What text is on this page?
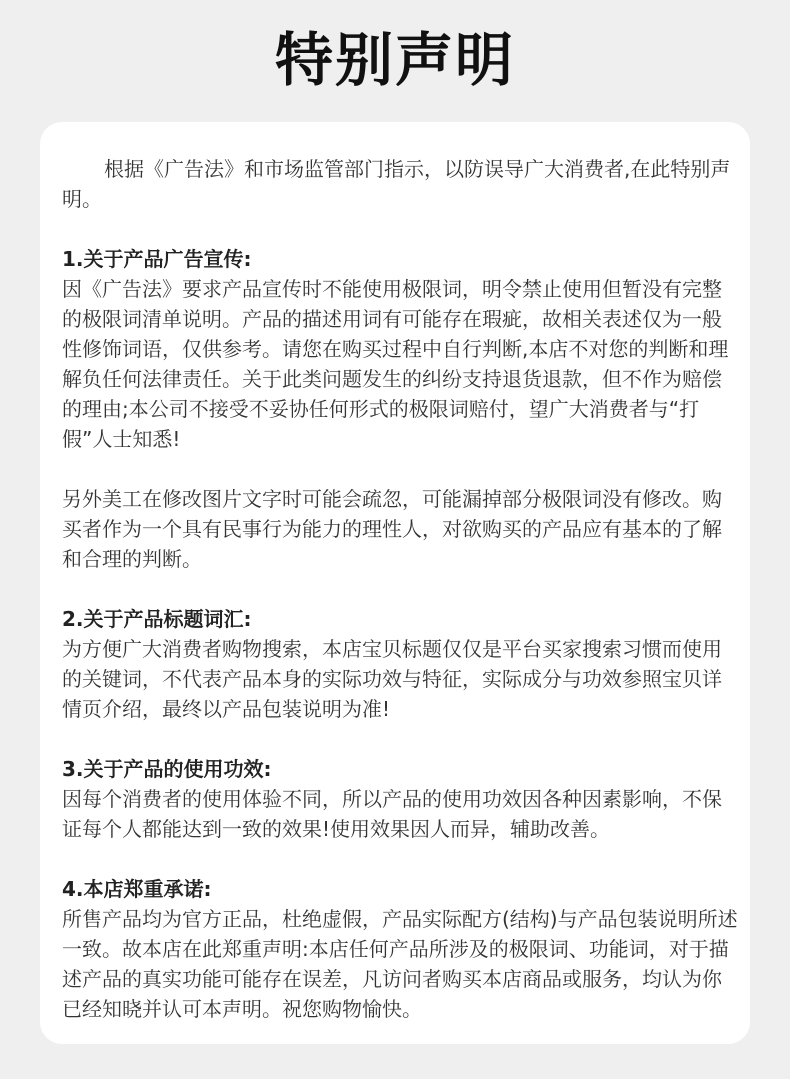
特别声明

根据《广告法》和市场监管部门指示，以防误导广大消费者,在此特别声明。

1.关于产品广告宣传:

因《广告法》要求产品宣传时不能使用极限词，明令禁止使用但暂没有完整的极限词清单说明。产品的描述用词有可能存在瑕疵，故相关表述仅为一般性修饰词语，仅供参考。请您在购买过程中自行判断,本店不对您的判断和理解负任何法律责任。关于此类问题发生的纠纷支持退货退款，但不作为赔偿的理由;本公司不接受不妥协任何形式的极限词赔付，望广大消费者与“打假”人士知悉!

另外美工在修改图片文字时可能会疏忽，可能漏掉部分极限词没有修改。购买者作为一个具有民事行为能力的理性人，对欲购买的产品应有基本的了解和合理的判断。

2.关于产品标题词汇:

为方便广大消费者购物搜索，本店宝贝标题仅仅是平台买家搜索习惯而使用的关键词，不代表产品本身的实际功效与特征，实际成分与功效参照宝贝详情页介绍，最终以产品包装说明为准!

3.关于产品的使用功效:

因每个消费者的使用体验不同，所以产品的使用功效因各种因素影响，不保证每个人都能达到一致的效果!使用效果因人而异，辅助改善。

4.本店郑重承诺:

所售产品均为官方正品，杜绝虚假，产品实际配方(结构)与产品包装说明所述一致。故本店在此郑重声明:本店任何产品所涉及的极限词、功能词，对于描述产品的真实功能可能存在误差，凡访问者购买本店商品或服务，均认为你已经知晓并认可本声明。祝您购物愉快。
